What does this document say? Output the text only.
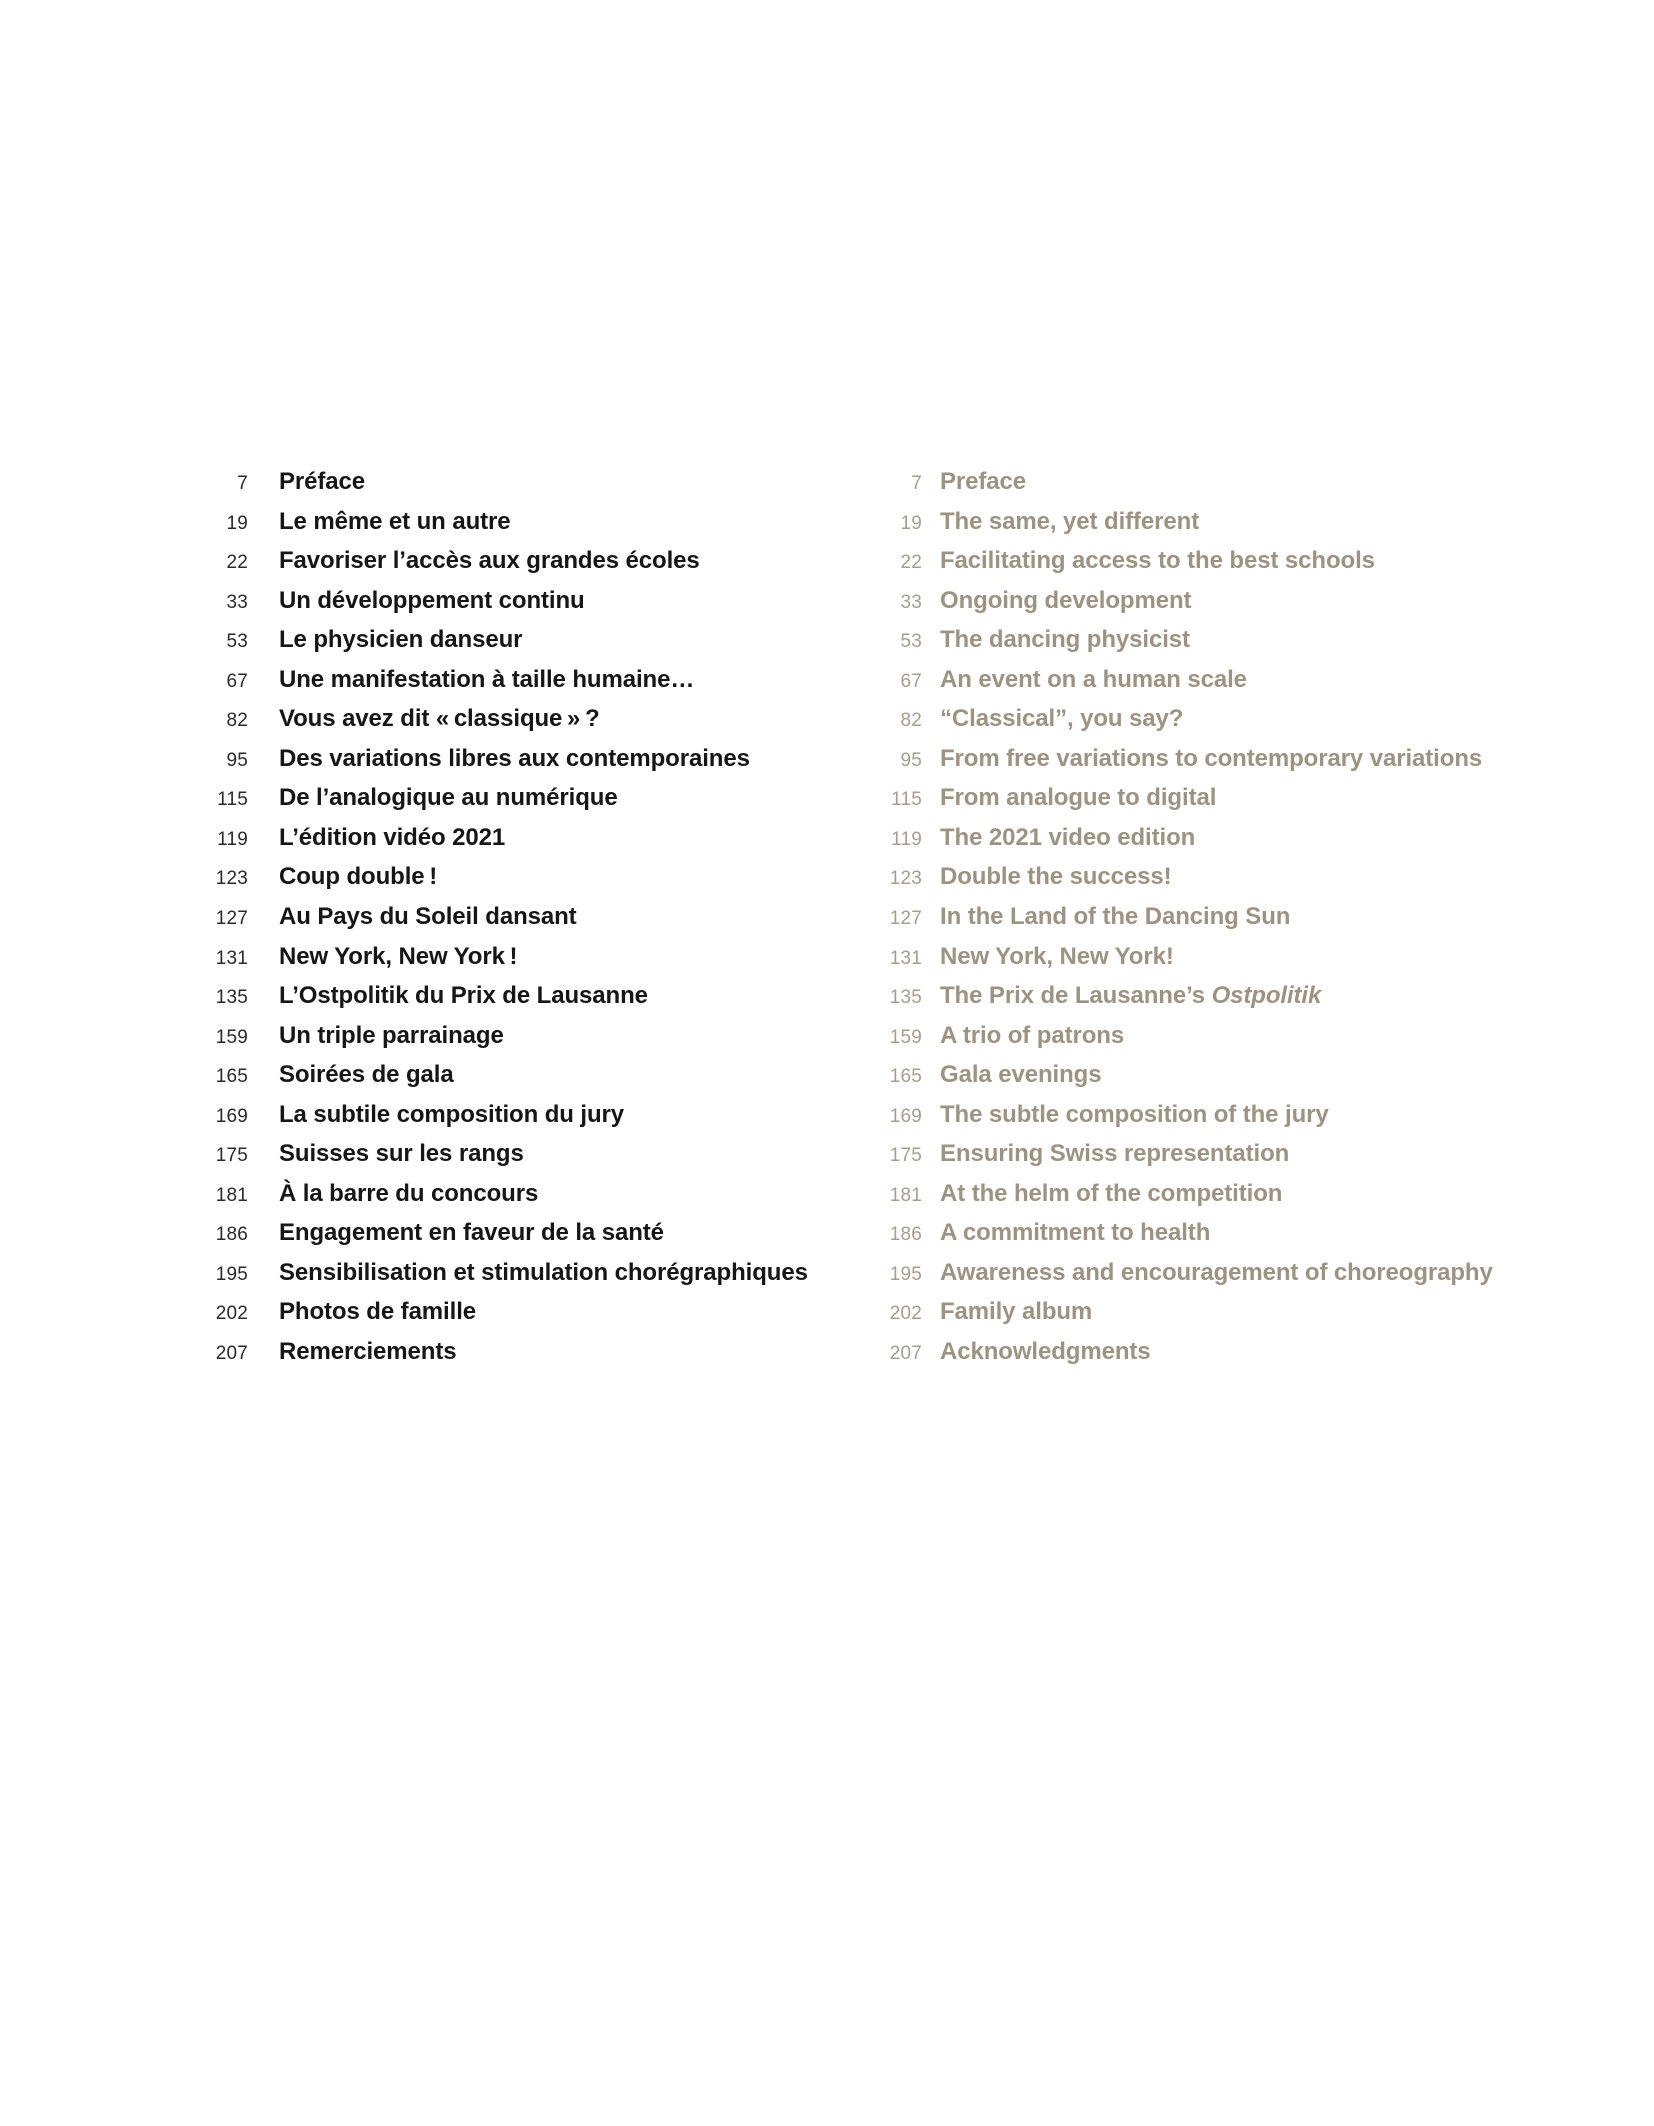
7 Préface
19 Le même et un autre
22 Favoriser l’accès aux grandes écoles
33 Un développement continu
53 Le physicien danseur
67 Une manifestation à taille humaine…
82 Vous avez dit « classique » ?
95 Des variations libres aux contemporaines
115 De l’analogique au numérique
119 L’édition vidéo 2021
123 Coup double !
127 Au Pays du Soleil dansant
131 New York, New York !
135 L’Ostpolitik du Prix de Lausanne
159 Un triple parrainage
165 Soirées de gala
169 La subtile composition du jury
175 Suisses sur les rangs
181 À la barre du concours
186 Engagement en faveur de la santé
195 Sensibilisation et stimulation chorégraphiques
202 Photos de famille
207 Remerciements
7 Preface
19 The same, yet different
22 Facilitating access to the best schools
33 Ongoing development
53 The dancing physicist
67 An event on a human scale
82 “Classical”, you say?
95 From free variations to contemporary variations
115 From analogue to digital
119 The 2021 video edition
123 Double the success!
127 In the Land of the Dancing Sun
131 New York, New York!
135 The Prix de Lausanne’s Ostpolitik
159 A trio of patrons
165 Gala evenings
169 The subtle composition of the jury
175 Ensuring Swiss representation
181 At the helm of the competition
186 A commitment to health
195 Awareness and encouragement of choreography
202 Family album
207 Acknowledgments
